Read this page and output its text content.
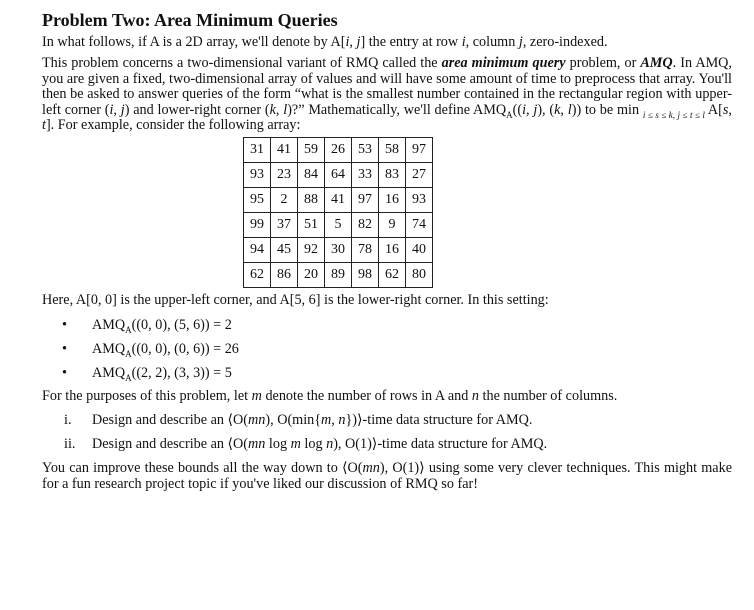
Problem Two: Area Minimum Queries

In what follows, if A is a 2D array, we'll denote by A[i, j] the entry at row i, column j, zero-indexed.

This problem concerns a two-dimensional variant of RMQ called the area minimum query problem, or AMQ. In AMQ, you are given a fixed, two-dimensional array of values and will have some amount of time to preprocess that array. You'll then be asked to answer queries of the form “what is the smallest number contained in the rectangular region with upper-left corner (i, j) and lower-right corner (k, l)?” Mathematically, we'll define $AMQ_A((i$, j), (k, l)) to be min $_{i \le s \le k, j \le t \le l}$ A[s, t]. For example, consider the following array:

31	41	59	26	53	58	97
93	23	84	64	33	83	27
95	2	88	41	97	16	93
99	37	51	5	82	9	74
94	45	92	30	78	16	40
62	86	20	89	98	62	80

Here, A[0, 0] is the upper-left corner, and A[5, 6] is the lower-right corner. In this setting:

• $AMQ_A((0$, 0), (5, 6)) = 2
• $AMQ_A((0$, 0), (0, 6)) = 26
• $AMQ_A((2$, 2), (3, 3)) = 5

For the purposes of this problem, let m denote the number of rows in A and n the number of columns.

i. Design and describe an ⟨O(mn), O(min{m, n})⟩-time data structure for AMQ.
ii. Design and describe an ⟨O(mn log m log n), O(1)⟩-time data structure for AMQ.

You can improve these bounds all the way down to ⟨O(mn), O(1)⟩ using some very clever techniques. This might make for a fun research project topic if you've liked our discussion of RMQ so far!
